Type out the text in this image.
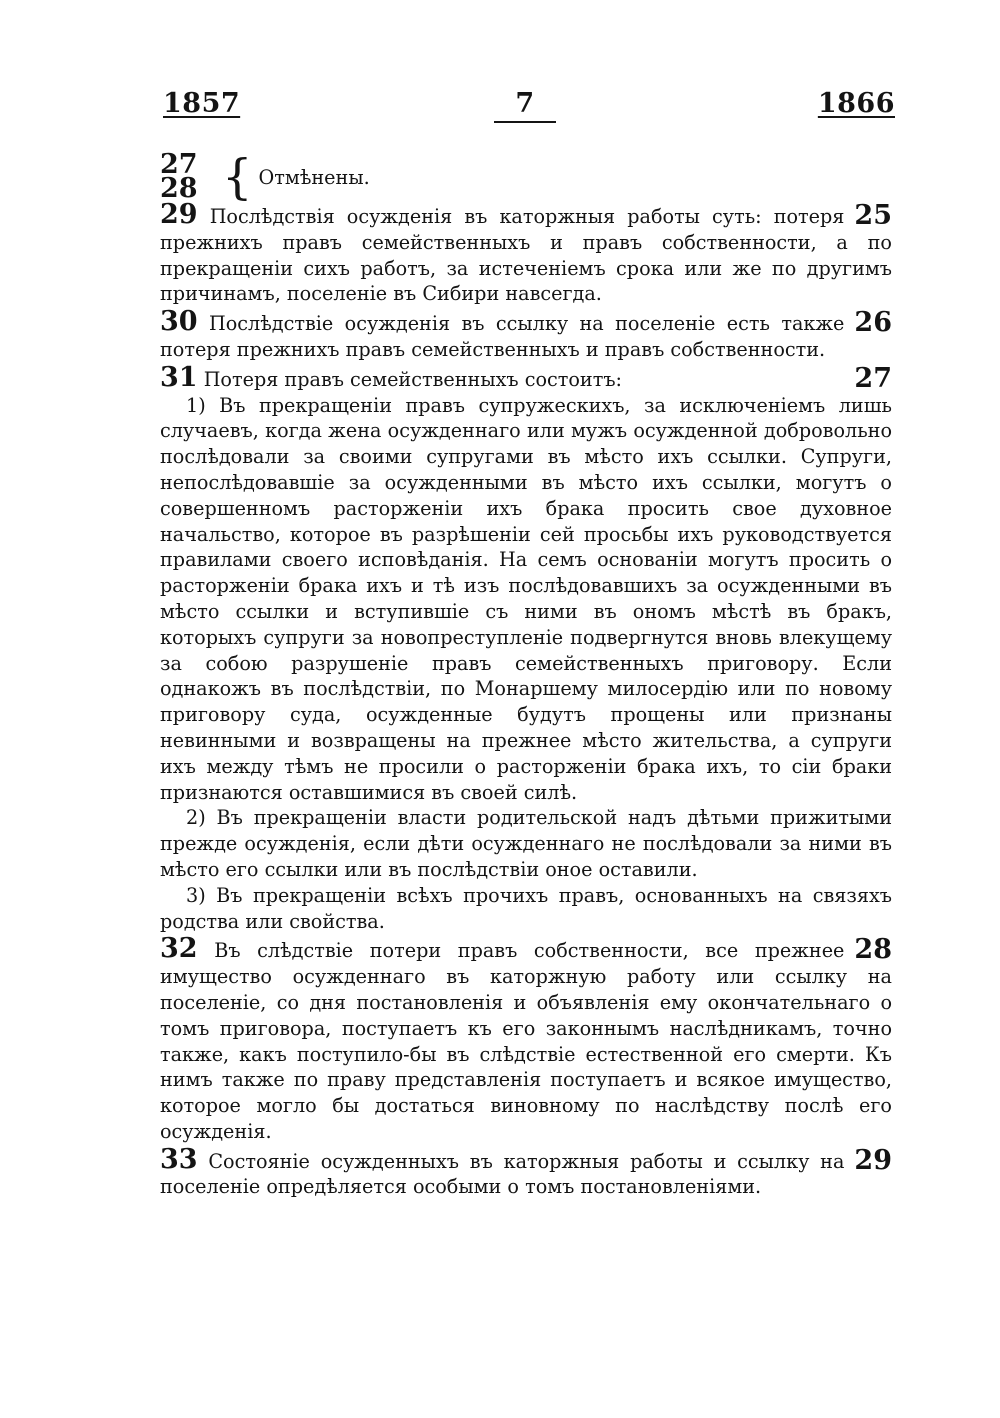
1857	7	1866
27
28 { Отмѣнены.

25
29 Послѣдствія осужденія въ каторжныя работы суть: потеря прежнихъ правъ семейственныхъ и правъ собственности, а по прекращеніи сихъ работъ, за истеченіемъ срока или же по другимъ причинамъ, поселеніе въ Сибири навсегда.

26
30 Послѣдствіе осужденія въ ссылку на поселеніе есть также потеря прежнихъ правъ семейственныхъ и правъ собственности.

27
31 Потеря правъ семейственныхъ состоитъ:

1) Въ прекращеніи правъ супружескихъ, за исключеніемъ лишь случаевъ, когда жена осужденнаго или мужъ осужденной добровольно послѣдовали за своими супругами въ мѣсто ихъ ссылки. Супруги, непослѣдовавшіе за осужденными въ мѣсто ихъ ссылки, могутъ о совершенномъ расторженіи ихъ брака просить свое духовное начальство, которое въ разрѣшеніи сей просьбы ихъ руководствуется правилами своего исповѣданія. На семъ основаніи могутъ просить о расторженіи брака ихъ и тѣ изъ послѣдовавшихъ за осужденными въ мѣсто ссылки и вступившіе съ ними въ ономъ мѣстѣ въ бракъ, которыхъ супруги за новопреступленіе подвергнутся вновь влекущему за собою разрушеніе правъ семейственныхъ приговору. Если однакожъ въ послѣдствіи, по Монаршему милосердію или по новому приговору суда, осужденные будутъ прощены или признаны невинными и возвращены на прежнее мѣсто жительства, а супруги ихъ между тѣмъ не просили о расторженіи брака ихъ, то сіи браки признаются оставшимися въ своей силѣ.

2) Въ прекращеніи власти родительской надъ дѣтьми прижитыми прежде осужденія, если дѣти осужденнаго не послѣдовали за ними въ мѣсто его ссылки или въ послѣдствіи оное оставили.

3) Въ прекращеніи всѣхъ прочихъ правъ, основанныхъ на связяхъ родства или свойства.

28
32 Въ слѣдствіе потери правъ собственности, все прежнее имущество осужденнаго въ каторжную работу или ссылку на поселеніе, со дня постановленія и объявленія ему окончательнаго о томъ приговора, поступаетъ къ его законнымъ наслѣдникамъ, точно также, какъ поступило-бы въ слѣдствіе естественной его смерти. Къ нимъ также по праву представленія поступаетъ и всякое имущество, которое могло бы достаться виновному по наслѣдству послѣ его осужденія.

29
33 Состояніе осужденныхъ въ каторжныя работы и ссылку на поселеніе опредѣляется особыми о томъ постановленіями.
